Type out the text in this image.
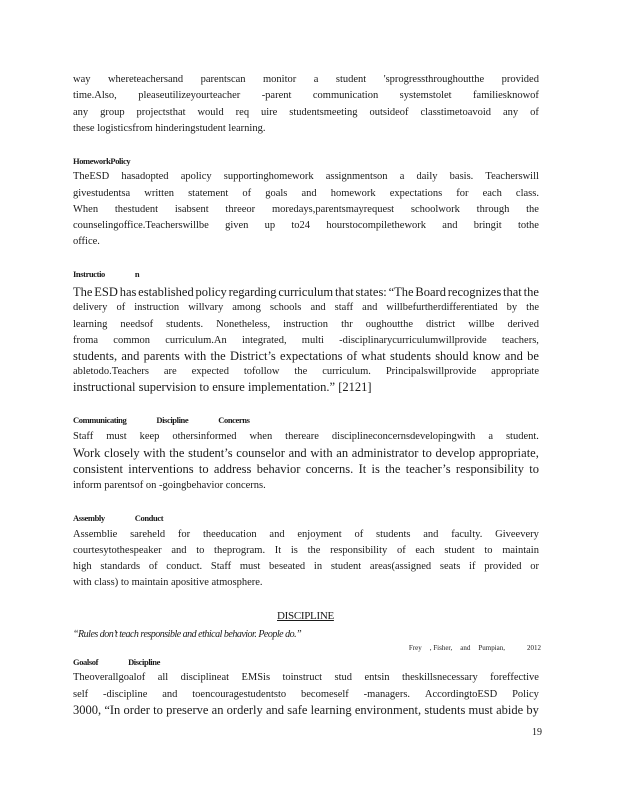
way whereteachersand parentscan monitor a student 'sprogressthroughoutthe provided
time.Also, pleaseutilizeyourteacher -parent communication systemstolet familiesknowof
any group projectsthat would req uire studentsmeeting outsideof classtimetoavoid any of
these logisticsfrom hinderingstudent learning.
HomeworkPolicy
TheESD hasadopted apolicy supportinghomework assignmentson a daily basis. Teacherswill
givestudentsa written statement of goals and homework expectations for each class.
When thestudent isabsent threeor moredays,parentsmayrequest schoolwork through the
counselingoffice.Teacherswillbe given up to24 hourstocompilethework and bringit tothe
office.
Instructio	n
The ESD has established policy regarding curriculum that states: “The Board recognizes that the
delivery of instruction willvary among schools and staff and willbefurtherdifferentiated by the
learning needsof students. Nonetheless, instruction thr oughoutthe district willbe derived
froma common curriculum.An integrated, multi -disciplinarycurriculumwillprovide teachers,
students, and parents with the District’s expectations of what students should know and be
abletodo.Teachers are expected tofollow the curriculum. Principalswillprovide appropriate
instructional supervision to ensure implementation.” [2121]
Communicating	Discipline	Concerns
Staff must keep othersinformed when thereare disciplineconcernsdevelopingwith a student.
Work closely with the student’s counselor and with an administrator to develop appropriate,
consistent interventions to address behavior concerns. It is the teacher’s responsibility to
inform parentsof on -goingbehavior concerns.
Assembly	Conduct
Assemblie sareheld for theeducation and enjoyment of students and faculty. Giveevery
courtesytothespeaker and to theprogram. It is the responsibility of each student to maintain
high standards of conduct. Staff must beseated in student areas(assigned seats if provided or
with class) to maintain apositive atmosphere.
DISCIPLINE
“Rules don’t teach responsible and ethical behavior. People do.”
Frey , Fisher, and Pumpian,	2012
Goalsof	Discipline
Theoverallgoalof all disciplineat EMSis toinstruct stud entsin theskillsnecessary foreffective
self -discipline and toencouragestudentsto becomeself -managers. AccordingtoESD Policy
3000, “In order to preserve an orderly and safe learning environment, students must abide by
19
